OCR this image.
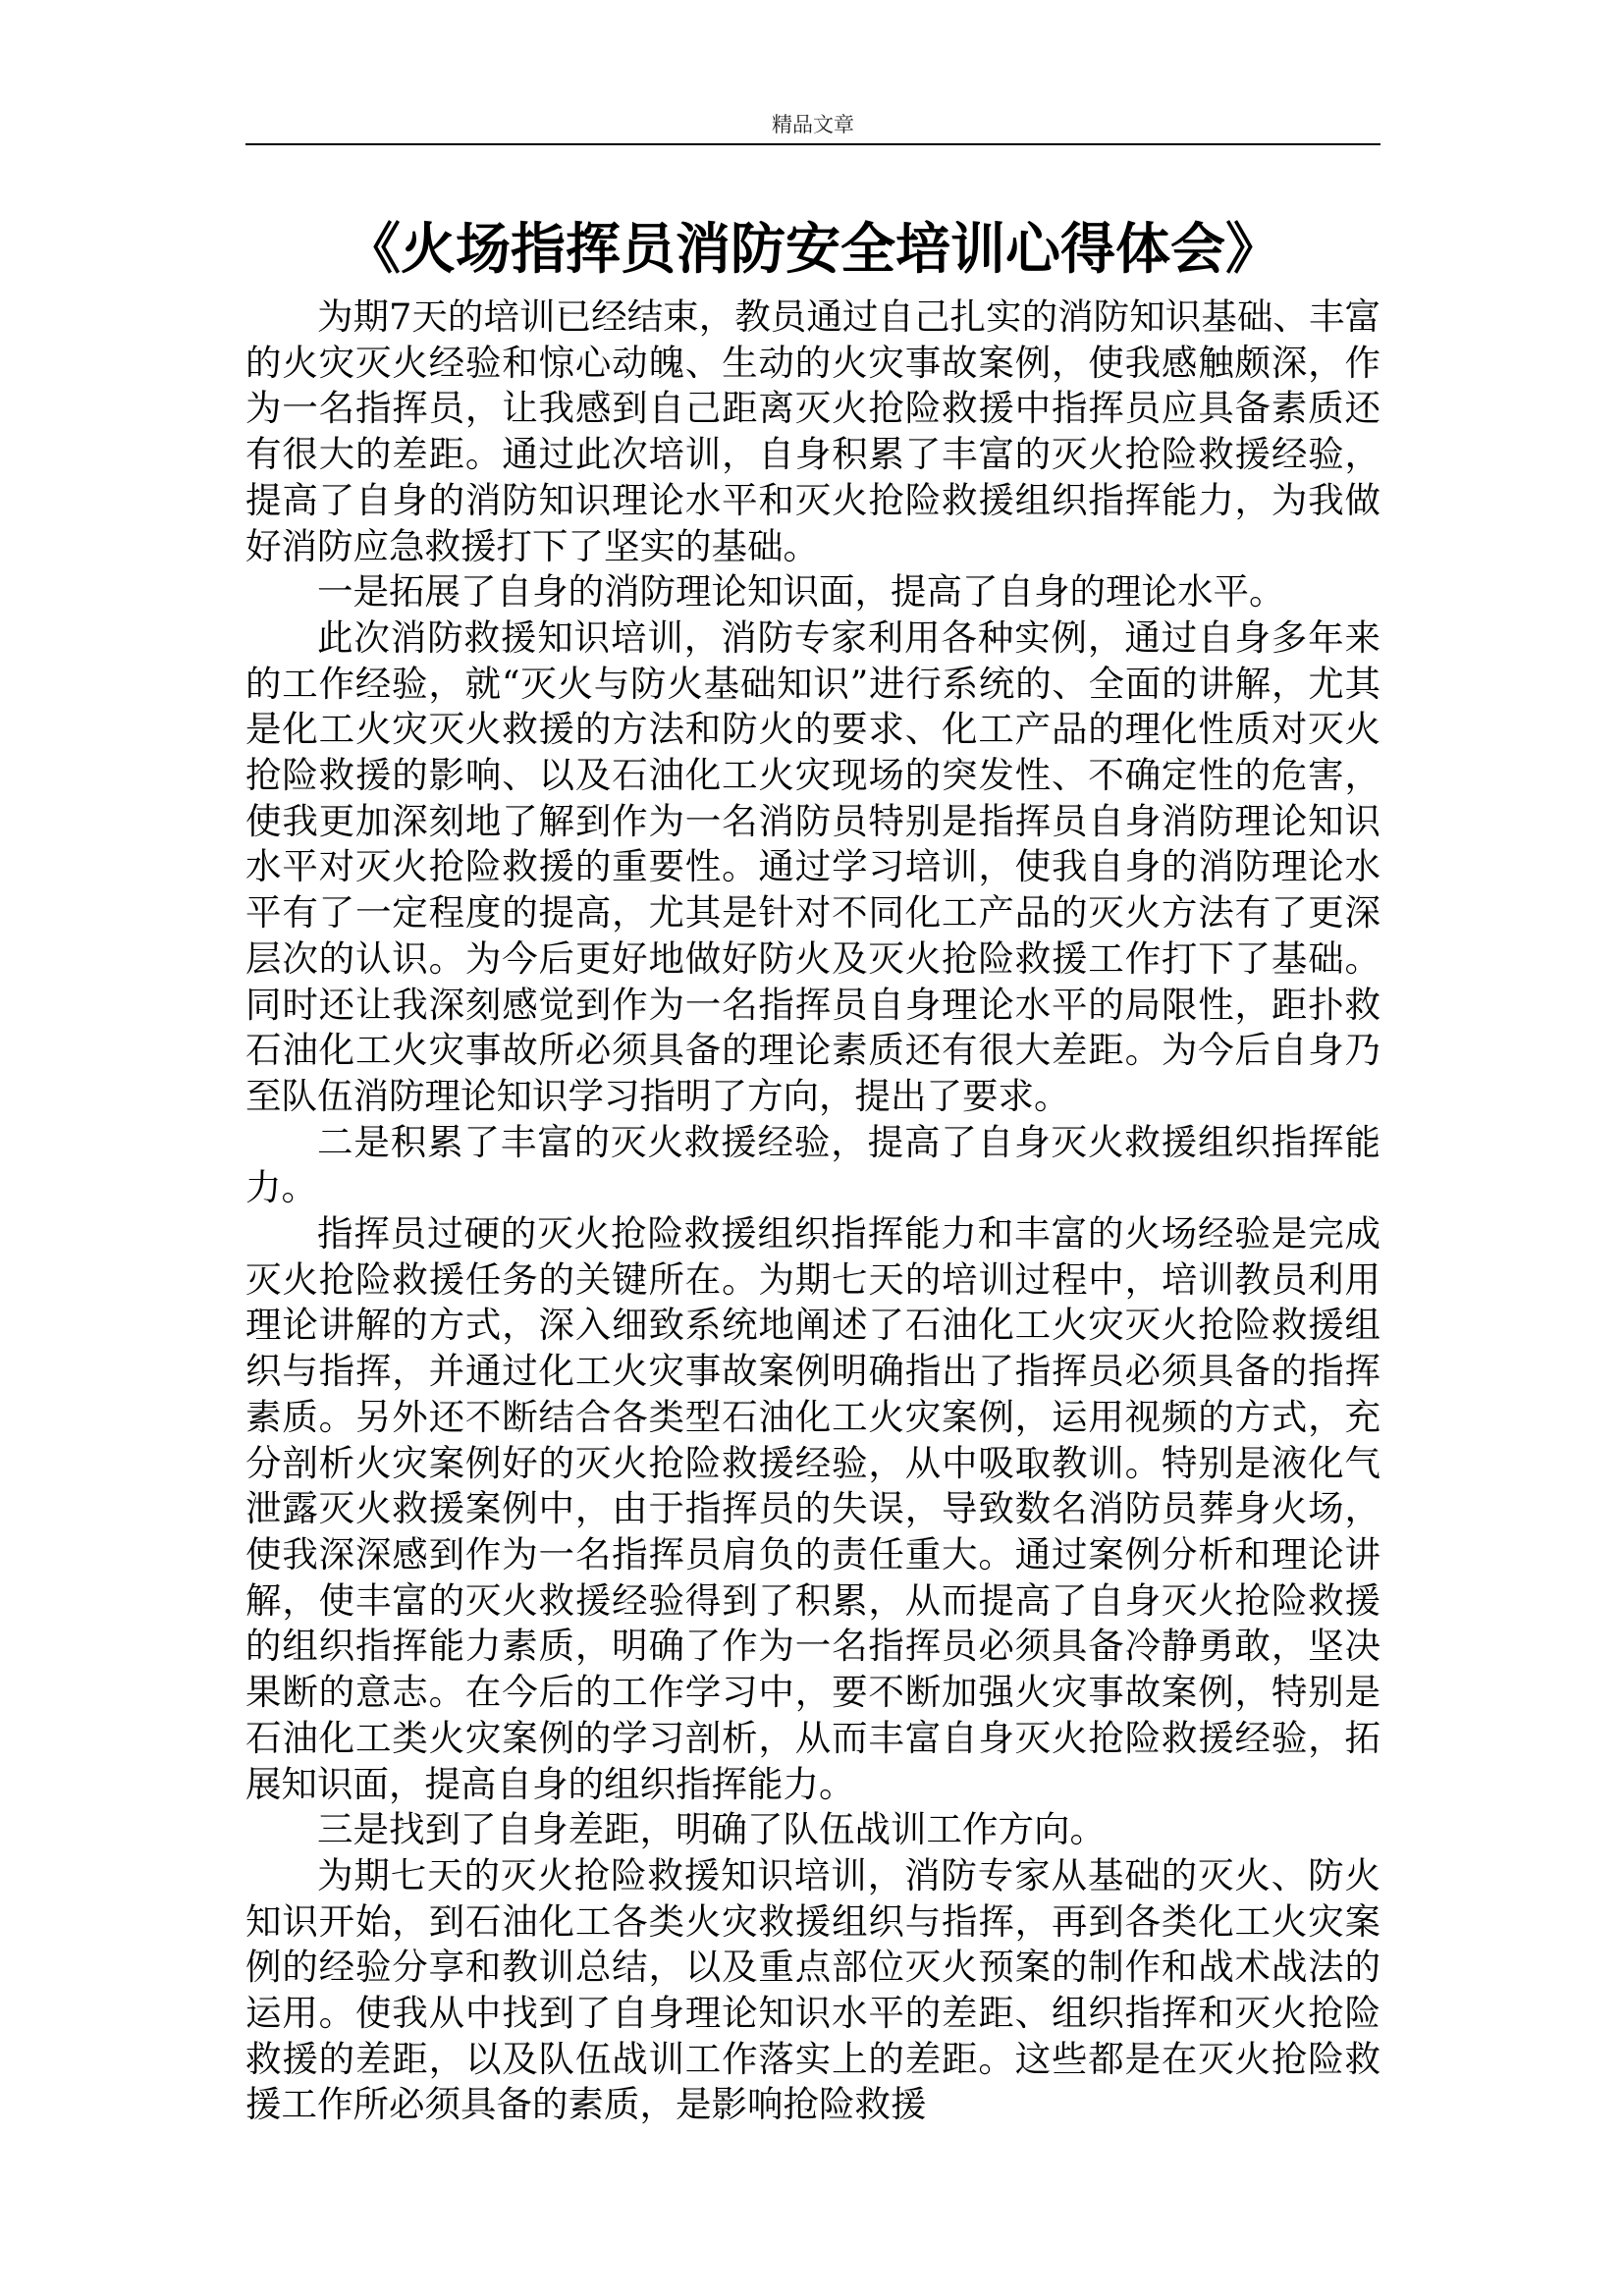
精品文章
《火场指挥员消防安全培训心得体会》

为期7天的培训已经结束，教员通过自己扎实的消防知识基础、丰富的火灾灭火经验和惊心动魄、生动的火灾事故案例，使我感触颇深，作为一名指挥员，让我感到自己距离灭火抢险救援中指挥员应具备素质还有很大的差距。通过此次培训，自身积累了丰富的灭火抢险救援经验，提高了自身的消防知识理论水平和灭火抢险救援组织指挥能力，为我做好消防应急救援打下了坚实的基础。

一是拓展了自身的消防理论知识面，提高了自身的理论水平。

此次消防救援知识培训，消防专家利用各种实例，通过自身多年来的工作经验，就“灭火与防火基础知识”进行系统的、全面的讲解，尤其是化工火灾灭火救援的方法和防火的要求、化工产品的理化性质对灭火抢险救援的影响、以及石油化工火灾现场的突发性、不确定性的危害，使我更加深刻地了解到作为一名消防员特别是指挥员自身消防理论知识水平对灭火抢险救援的重要性。通过学习培训，使我自身的消防理论水平有了一定程度的提高，尤其是针对不同化工产品的灭火方法有了更深层次的认识。为今后更好地做好防火及灭火抢险救援工作打下了基础。同时还让我深刻感觉到作为一名指挥员自身理论水平的局限性，距扑救石油化工火灾事故所必须具备的理论素质还有很大差距。为今后自身乃至队伍消防理论知识学习指明了方向，提出了要求。

二是积累了丰富的灭火救援经验，提高了自身灭火救援组织指挥能力。

指挥员过硬的灭火抢险救援组织指挥能力和丰富的火场经验是完成灭火抢险救援任务的关键所在。为期七天的培训过程中，培训教员利用理论讲解的方式，深入细致系统地阐述了石油化工火灾灭火抢险救援组织与指挥，并通过化工火灾事故案例明确指出了指挥员必须具备的指挥素质。另外还不断结合各类型石油化工火灾案例，运用视频的方式，充分剖析火灾案例好的灭火抢险救援经验，从中吸取教训。特别是液化气泄露灭火救援案例中，由于指挥员的失误，导致数名消防员葬身火场，使我深深感到作为一名指挥员肩负的责任重大。通过案例分析和理论讲解，使丰富的灭火救援经验得到了积累，从而提高了自身灭火抢险救援的组织指挥能力素质，明确了作为一名指挥员必须具备冷静勇敢，坚决果断的意志。在今后的工作学习中，要不断加强火灾事故案例，特别是石油化工类火灾案例的学习剖析，从而丰富自身灭火抢险救援经验，拓展知识面，提高自身的组织指挥能力。

三是找到了自身差距，明确了队伍战训工作方向。

为期七天的灭火抢险救援知识培训，消防专家从基础的灭火、防火知识开始，到石油化工各类火灾救援组织与指挥，再到各类化工火灾案例的经验分享和教训总结，以及重点部位灭火预案的制作和战术战法的运用。使我从中找到了自身理论知识水平的差距、组织指挥和灭火抢险救援的差距，以及队伍战训工作落实上的差距。这些都是在灭火抢险救援工作所必须具备的素质，是影响抢险救援
